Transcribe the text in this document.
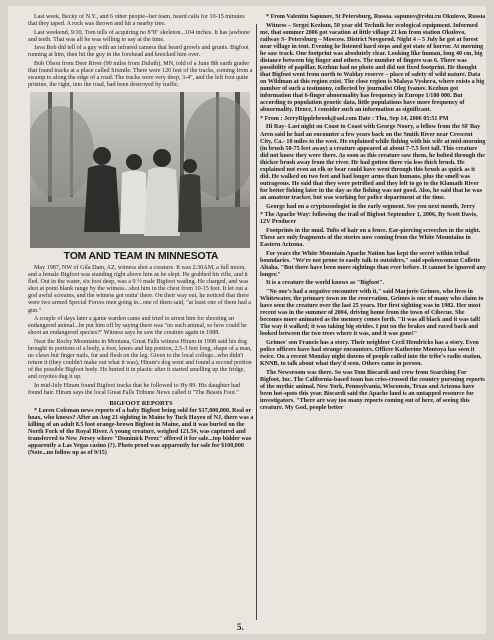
Last week, Becky of N.Y., and 6 other people--her team, heard calls for 10-15 minutes that they taped. A rock was thrown and hit a nearby tree.

Last weekend, 9/10, Tom tells of acquiring no 8"8" skeleton...104 inches. It has jawbone and teeth. That was all he was willing to say at the time.

Java Bob did tell of a guy with an infrared camera that heard growls and grunts. Bigfoot running at him, then hit the guy in the forehead and knocked him over.

Bob Olson from Deer River (90 miles from Duluth), MN, told of a June 8th earth grader that found tracks at a place called Sixmile. There were 120 feet of the tracks, coming from a swamp to along the edge of a road. The tracks were very deep, 3-4", and the left foot quite pristine, the right, into the road, had been destroyed by traffic.

TOM AND TEAM IN MINNESOTA

May 1987, NW of Gila Dam, AZ, witness shot a creature. It was 2:30AM, a full moon, and a female Bigfoot was standing right above him as he slept. He grabbed his rifle, and it fled. Out in the water, six foot deep, was a 9 ½ male Bigfoot wading. He charged, and was shot at point blank range by the witness...shot him in the chest from 10-15 feet. It let out a god awful screams, and the witness got outta' there. On their way out, he noticed that there were two armed Special Forces men going in...one of them said, "at least one of them had a gun."

A couple of days later a game warden came and tried to arrest him for shooting an endangered animal...he put him off by saying there was "no such animal, so how could he shoot an endangered species?" Witness says he saw the creature again in 1988.

Near the Rocky Mountains in Montana, Great Falls witness Hiram in 1998 said his dog brought in portions of a body, a foot, knees and hip portion, 2.5-3 feet long, shape of a man, no claws but finger nails, fur and flesh on the leg. Given to the local college...who didn't return it (they couldn't make out what it was), Hiram's dog went and found a second portion of the possible Bigfoot body. He buried it in plastic after it started smelling up the fridge, and coyotes dug it up.

In mid-July Hiram found Bigfoot tracks that he followed to Hy 89. His daughter had found hair. Hiram says the local Great Falls Tribune News called it "The Beasts Foot."

BIGFOOT REPORTS

* Loren Coleman news reports of a baby Bigfoot being sold for $17,000,000. Real or hoax, who knows? After an Aug 21 sighting in Maine by Tuck Hayeo of NJ, there was a killing of an adult 8.5 foot orange-brown Bigfoot in Maine, and it was buried on the North Fork of the Royal River. A young creature, weighed 121.5#, was captured and transferred to New Jersey where "Dominick Perez" offered it for sale...top bidder was apparently a Las Vegas casino (?). Photo proof was apparently for sale for $100,000 (Note...no follow up as of 9/15)

* From Valentin Sapunov, St Petersburg, Russia. sapunov@rshu.ru Okulovo, Russia

Witness – Sergei Kezhun, 50 year old Technik for ecological equipment. Informed me, that summer 2006 got vacation at little village 21 km from station Okulovo, railway S- Petersburg – Moscow. District Novgorod. Night 4 – 5 July he got at forest near village in tent. Evening he listened hard steps and got state of horror. At morning he saw track. One footprint was absolutely clear. Looking like human, long 40 cm, big distance between big finger and others. The number of fingers was 6. There was possibility of papillar. Kezhun had no photo and did not fixed footprint. He thought that Bigfoot went from north to Walday reserve – place of safety of wild nature. Data on Wildman at this region exist. The close region is Malaya Vyshera, where exists a big number of such a testimony, collected by journalist Oleg Ivanov. Kezhun got information that 6-finger abnormality has frequency in Europe 1/180 000. But according to population genetic data, little populations have more frequency of abnormality. Hence, I consider such an information as significant.

* From : JerryRipplebrook@aol.com Date : Thu, Sep 14, 2006 05:51 PM

Hi Ray- Last night on Coast to Coast with George Noory, a fellow from the SF Bay Aren said he had an encounter a few years back on the Smith River near Crescent City, Ca.- 10 miles to the west. He explained while fishing with his wife at mid-morning (in brush 50-75 feet away) a creature appeared at about 7-7.5 feet tall. This creature did not know they were there. As soon as this creature saw them, he bolted through the thicker brush away from the river. He had gotten there via less thick brush. He explained not even an elk or bear could have went through this brush as quick as it did. He walked on two feet and had longer arms than humans, plus the smell was outrageous. He said that they were petrified and they left to go to the Klamath River for better fishing later in the day as the fishing was not good. Also, he said that he was an amateur tracker, but was working for police department at the time.

George had on a cryptozoologist in the early segment. See you next month, Jerry

* The Apache Way: following the trail of Bigfoot September 1, 2006, By Scott Davis, 12V Producer

Footprints in the mud. Tufts of hair on a fence. Ear-piercing screeches in the night. These are only fragments of the stories now coming from the White Mountains in Eastern Arizona.

For years the White Mountain Apache Nation has kept the secret within tribal boundaries. "We're not prone to easily talk to outsiders," said spokeswoman Collette Altaha. "But there have been more sightings than ever before. It cannot be ignored any longer."

It is a creature the world knows as "Bigfoot".

"No one's had a negative encounter with it," said Marjorie Grimes, who lives in Whitewater, the primary town on the reservation. Grimes is one of many who claim to have seen the creature over the last 25 years. Her first sighting was in 1982. Her most recent was in the summer of 2004, driving home from the town of Cibecue. She becomes more animated as the memory comes forth. "It was all black and it was tall! The way it walked; it was taking big strides. I put on the brakes and raced back and looked between the two trees where it was, and it was gone!"

Grimes' son Francis has a story. Their neighbor Cecil Hendricks has a story. Even police officers have had strange encounters. Officer Katherine Montoya has seen it twice. On a recent Monday night dozens of people called into the tribe's radio station, KNNB, to talk about what they'd seen. Others came in person.

The Newsroom was there. So was Tom Biscardi and crew from Searching For Bigfoot, Inc. The California-based team has criss-crossed the country pursuing reports of the mythic animal. New York, Pennsylvania, Wisconsin, Texas and Arizona have been hot-spots this year. Biscardi said the Apache land is an untapped resource for investigators. "There are way too many reports coming out of here, of seeing this creature. My God, people better

5.
